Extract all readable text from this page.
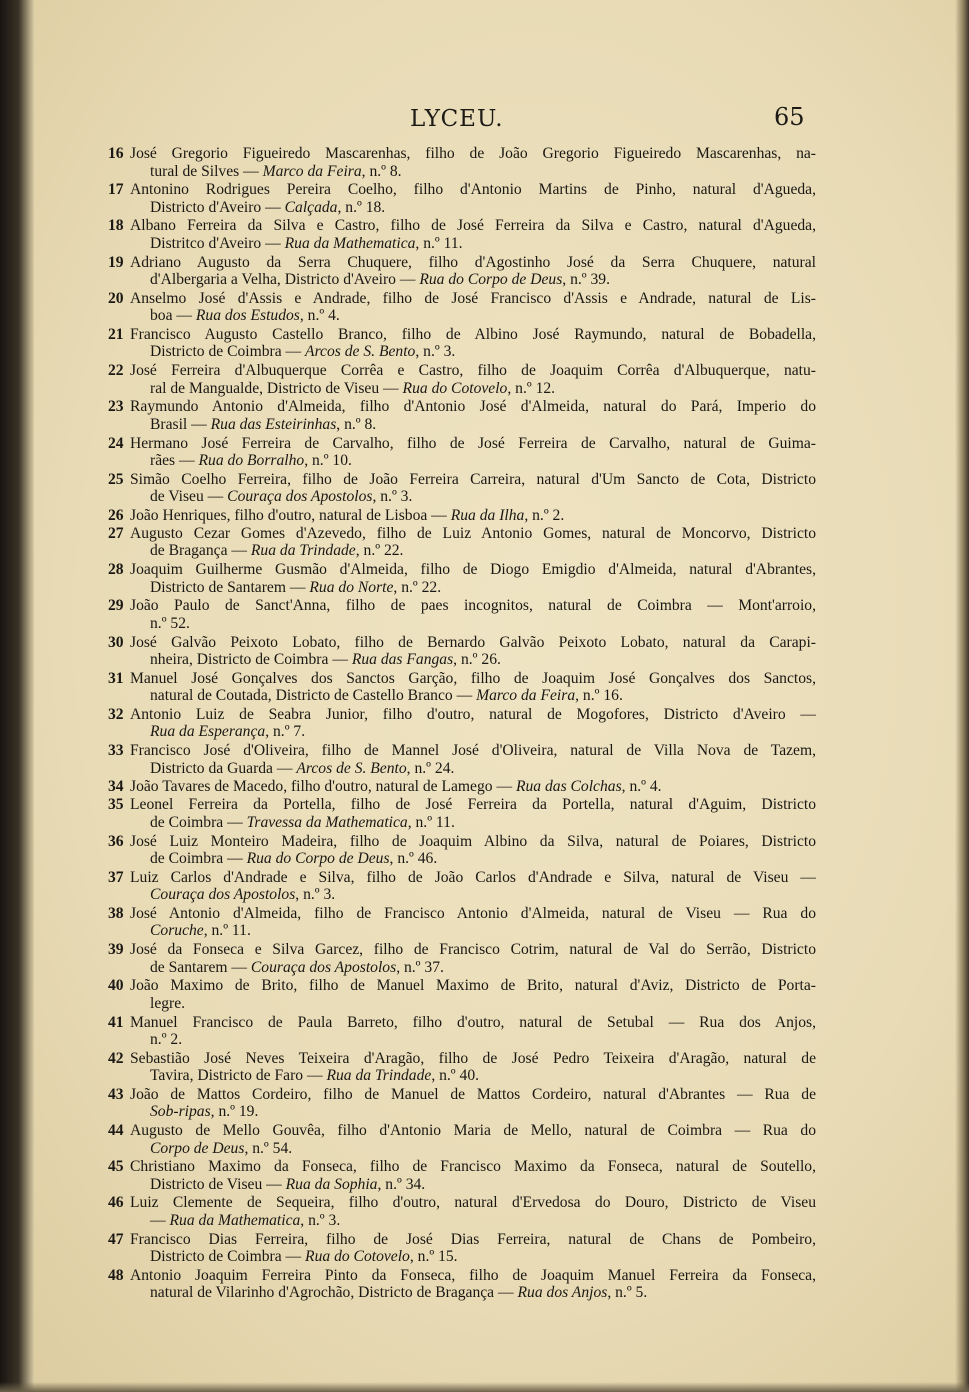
LYCEU.	65
16 José Gregorio Figueiredo Mascarenhas, filho de João Gregorio Figueiredo Mascarenhas, na-
tural de Silves — Marco da Feira, n.º 8.
17 Antonino Rodrigues Pereira Coelho, filho d'Antonio Martins de Pinho, natural d'Agueda,
Districto d'Aveiro — Calçada, n.º 18.
18 Albano Ferreira da Silva e Castro, filho de José Ferreira da Silva e Castro, natural d'Agueda,
Distritco d'Aveiro — Rua da Mathematica, n.º 11.
19 Adriano Augusto da Serra Chuquere, filho d'Agostinho José da Serra Chuquere, natural
d'Albergaria a Velha, Districto d'Aveiro — Rua do Corpo de Deus, n.º 39.
20 Anselmo José d'Assis e Andrade, filho de José Francisco d'Assis e Andrade, natural de Lis-
boa — Rua dos Estudos, n.º 4.
21 Francisco Augusto Castello Branco, filho de Albino José Raymundo, natural de Bobadella,
Districto de Coimbra — Arcos de S. Bento, n.º 3.
22 José Ferreira d'Albuquerque Corrêa e Castro, filho de Joaquim Corrêa d'Albuquerque, natu-
ral de Mangualde, Districto de Viseu — Rua do Cotovelo, n.º 12.
23 Raymundo Antonio d'Almeida, filho d'Antonio José d'Almeida, natural do Pará, Imperio do
Brasil — Rua das Esteirinhas, n.º 8.
24 Hermano José Ferreira de Carvalho, filho de José Ferreira de Carvalho, natural de Guima-
rães — Rua do Borralho, n.º 10.
25 Simão Coelho Ferreira, filho de João Ferreira Carreira, natural d'Um Sancto de Cota, Districto
de Viseu — Couraça dos Apostolos, n.º 3.
26 João Henriques, filho d'outro, natural de Lisboa — Rua da Ilha, n.º 2.
27 Augusto Cezar Gomes d'Azevedo, filho de Luiz Antonio Gomes, natural de Moncorvo, Districto
de Bragança — Rua da Trindade, n.º 22.
28 Joaquim Guilherme Gusmão d'Almeida, filho de Diogo Emigdio d'Almeida, natural d'Abrantes,
Districto de Santarem — Rua do Norte, n.º 22.
29 João Paulo de Sanct'Anna, filho de paes incognitos, natural de Coimbra — Mont'arroio,
n.º 52.
30 José Galvão Peixoto Lobato, filho de Bernardo Galvão Peixoto Lobato, natural da Carapi-
nheira, Districto de Coimbra — Rua das Fangas, n.º 26.
31 Manuel José Gonçalves dos Sanctos Garção, filho de Joaquim José Gonçalves dos Sanctos,
natural de Coutada, Districto de Castello Branco — Marco da Feira, n.º 16.
32 Antonio Luiz de Seabra Junior, filho d'outro, natural de Mogofores, Districto d'Aveiro —
Rua da Esperança, n.º 7.
33 Francisco José d'Oliveira, filho de Mannel José d'Oliveira, natural de Villa Nova de Tazem,
Districto da Guarda — Arcos de S. Bento, n.º 24.
34 João Tavares de Macedo, filho d'outro, natural de Lamego — Rua das Colchas, n.º 4.
35 Leonel Ferreira da Portella, filho de José Ferreira da Portella, natural d'Aguim, Districto
de Coimbra — Travessa da Mathematica, n.º 11.
36 José Luiz Monteiro Madeira, filho de Joaquim Albino da Silva, natural de Poiares, Districto
de Coimbra — Rua do Corpo de Deus, n.º 46.
37 Luiz Carlos d'Andrade e Silva, filho de João Carlos d'Andrade e Silva, natural de Viseu —
Couraça dos Apostolos, n.º 3.
38 José Antonio d'Almeida, filho de Francisco Antonio d'Almeida, natural de Viseu — Rua do
Coruche, n.º 11.
39 José da Fonseca e Silva Garcez, filho de Francisco Cotrim, natural de Val do Serrão, Districto
de Santarem — Couraça dos Apostolos, n.º 37.
40 João Maximo de Brito, filho de Manuel Maximo de Brito, natural d'Aviz, Districto de Porta-
legre.
41 Manuel Francisco de Paula Barreto, filho d'outro, natural de Setubal — Rua dos Anjos,
n.º 2.
42 Sebastião José Neves Teixeira d'Aragão, filho de José Pedro Teixeira d'Aragão, natural de
Tavira, Districto de Faro — Rua da Trindade, n.º 40.
43 João de Mattos Cordeiro, filho de Manuel de Mattos Cordeiro, natural d'Abrantes — Rua de
Sob-ripas, n.º 19.
44 Augusto de Mello Gouvêa, filho d'Antonio Maria de Mello, natural de Coimbra — Rua do
Corpo de Deus, n.º 54.
45 Christiano Maximo da Fonseca, filho de Francisco Maximo da Fonseca, natural de Soutello,
Districto de Viseu — Rua da Sophia, n.º 34.
46 Luiz Clemente de Sequeira, filho d'outro, natural d'Ervedosa do Douro, Districto de Viseu
— Rua da Mathematica, n.º 3.
47 Francisco Dias Ferreira, filho de José Dias Ferreira, natural de Chans de Pombeiro,
Districto de Coimbra — Rua do Cotovelo, n.º 15.
48 Antonio Joaquim Ferreira Pinto da Fonseca, filho de Joaquim Manuel Ferreira da Fonseca,
natural de Vilarinho d'Agrochão, Districto de Bragança — Rua dos Anjos, n.º 5.
